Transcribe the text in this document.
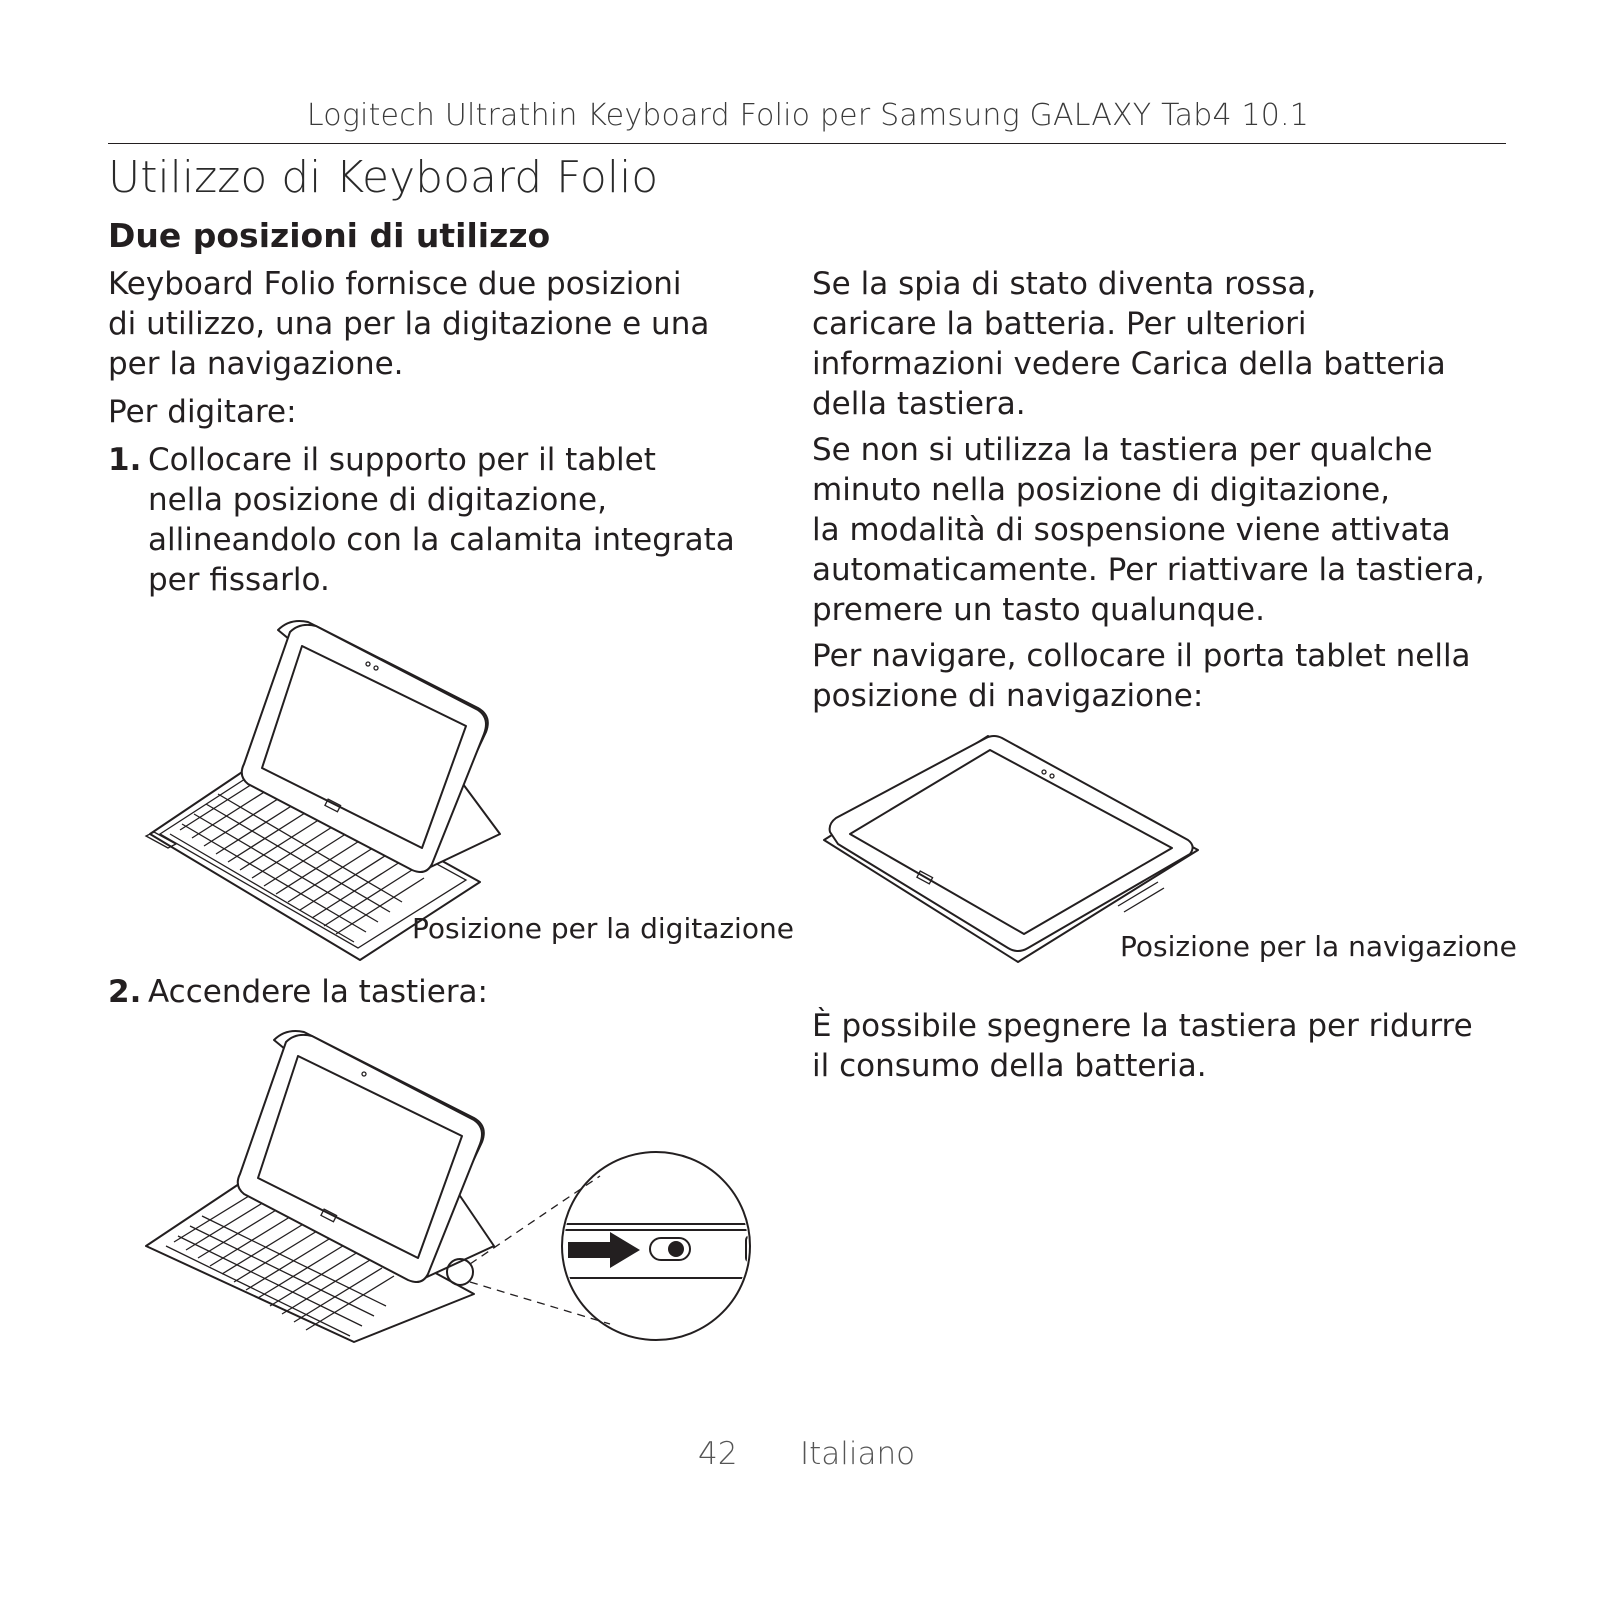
Logitech Ultrathin Keyboard Folio per Samsung GALAXY Tab4 10.1
Utilizzo di Keyboard Folio
Due posizioni di utilizzo
Keyboard Folio fornisce due posizioni
di utilizzo, una per la digitazione e una
per la navigazione.
Per digitare:
1. Collocare il supporto per il tablet
nella posizione di digitazione,
allineandolo con la calamita integrata
per fissarlo.
Posizione per la digitazione
2. Accendere la tastiera:
Se la spia di stato diventa rossa,
caricare la batteria. Per ulteriori
informazioni vedere Carica della batteria
della tastiera.
Se non si utilizza la tastiera per qualche
minuto nella posizione di digitazione,
la modalità di sospensione viene attivata
automaticamente. Per riattivare la tastiera,
premere un tasto qualunque.
Per navigare, collocare il porta tablet nella
posizione di navigazione:
Posizione per la navigazione
È possibile spegnere la tastiera per ridurre
il consumo della batteria.
42 Italiano
